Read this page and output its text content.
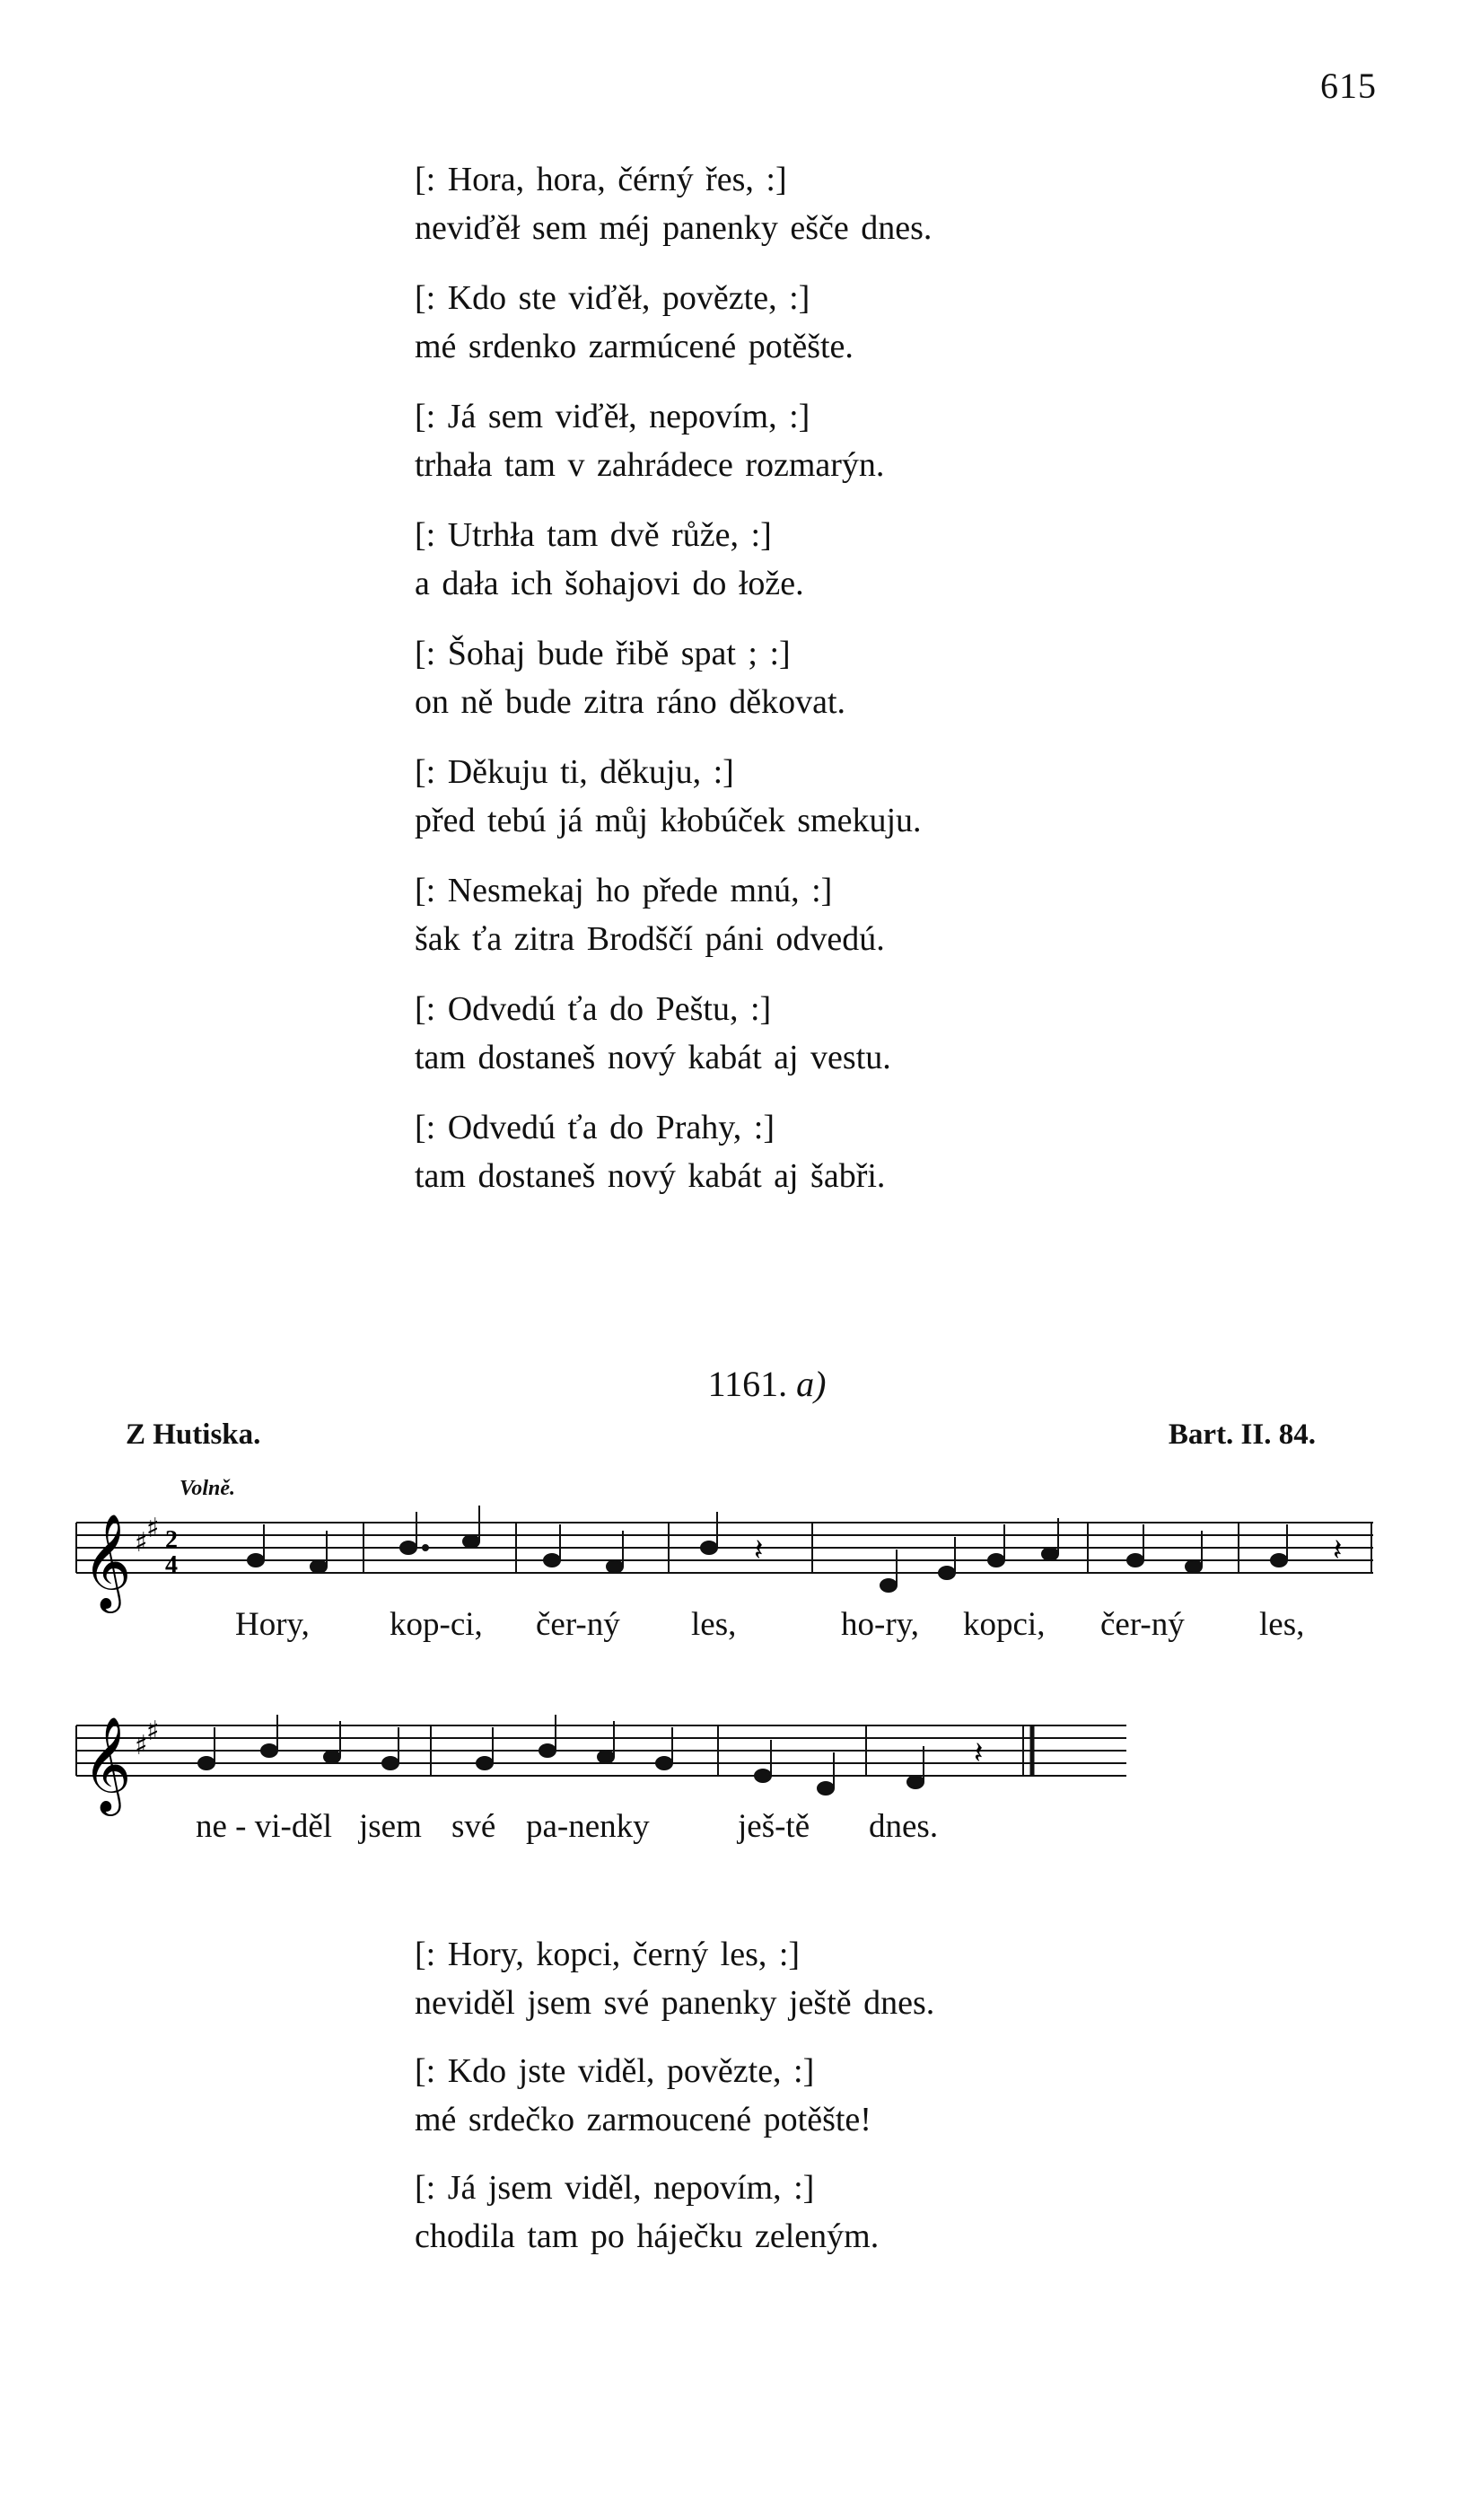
615

[: Hora, hora, čérný řes, :]
neviďěł sem méj panenky ešče dnes.

[: Kdo ste viďěł, povězte, :]
mé srdenko zarmúcené potěšte.

[: Já sem viďěł, nepovím, :]
trhała tam v zahrádece rozmarýn.

[: Utrhła tam dvě růže, :]
a dała ich šohajovi do łože.

[: Šohaj bude řibě spat ; :]
on ně bude zitra ráno děkovat.

[: Děkuju ti, děkuju, :]
před tebú já můj kłobúček smekuju.

[: Nesmekaj ho přede mnú, :]
šak ťa zitra Brodščí páni odvedú.

[: Odvedú ťa do Peštu, :]
tam dostaneš nový kabát aj vestu.

[: Odvedú ťa do Prahy, :]
tam dostaneš nový kabát aj šabři.

1161. a)
Z Hutiska.	Bart. II. 84.
Volně.
𝄞 ♯
♯ 2
4	𝄽
𝄽
𝄞 ♯
♯
𝄽
Hory, kop-ci, čer-ný les,	ho-ry, kopci, čer-ný les,
ne - vi-děl jsem své pa-nenky	ješ-tě dnes.

[: Hory, kopci, černý les, :]
neviděl jsem své panenky ještě dnes.

[: Kdo jste viděl, povězte, :]
mé srdečko zarmoucené potěšte!

[: Já jsem viděl, nepovím, :]
chodila tam po háječku zeleným.
